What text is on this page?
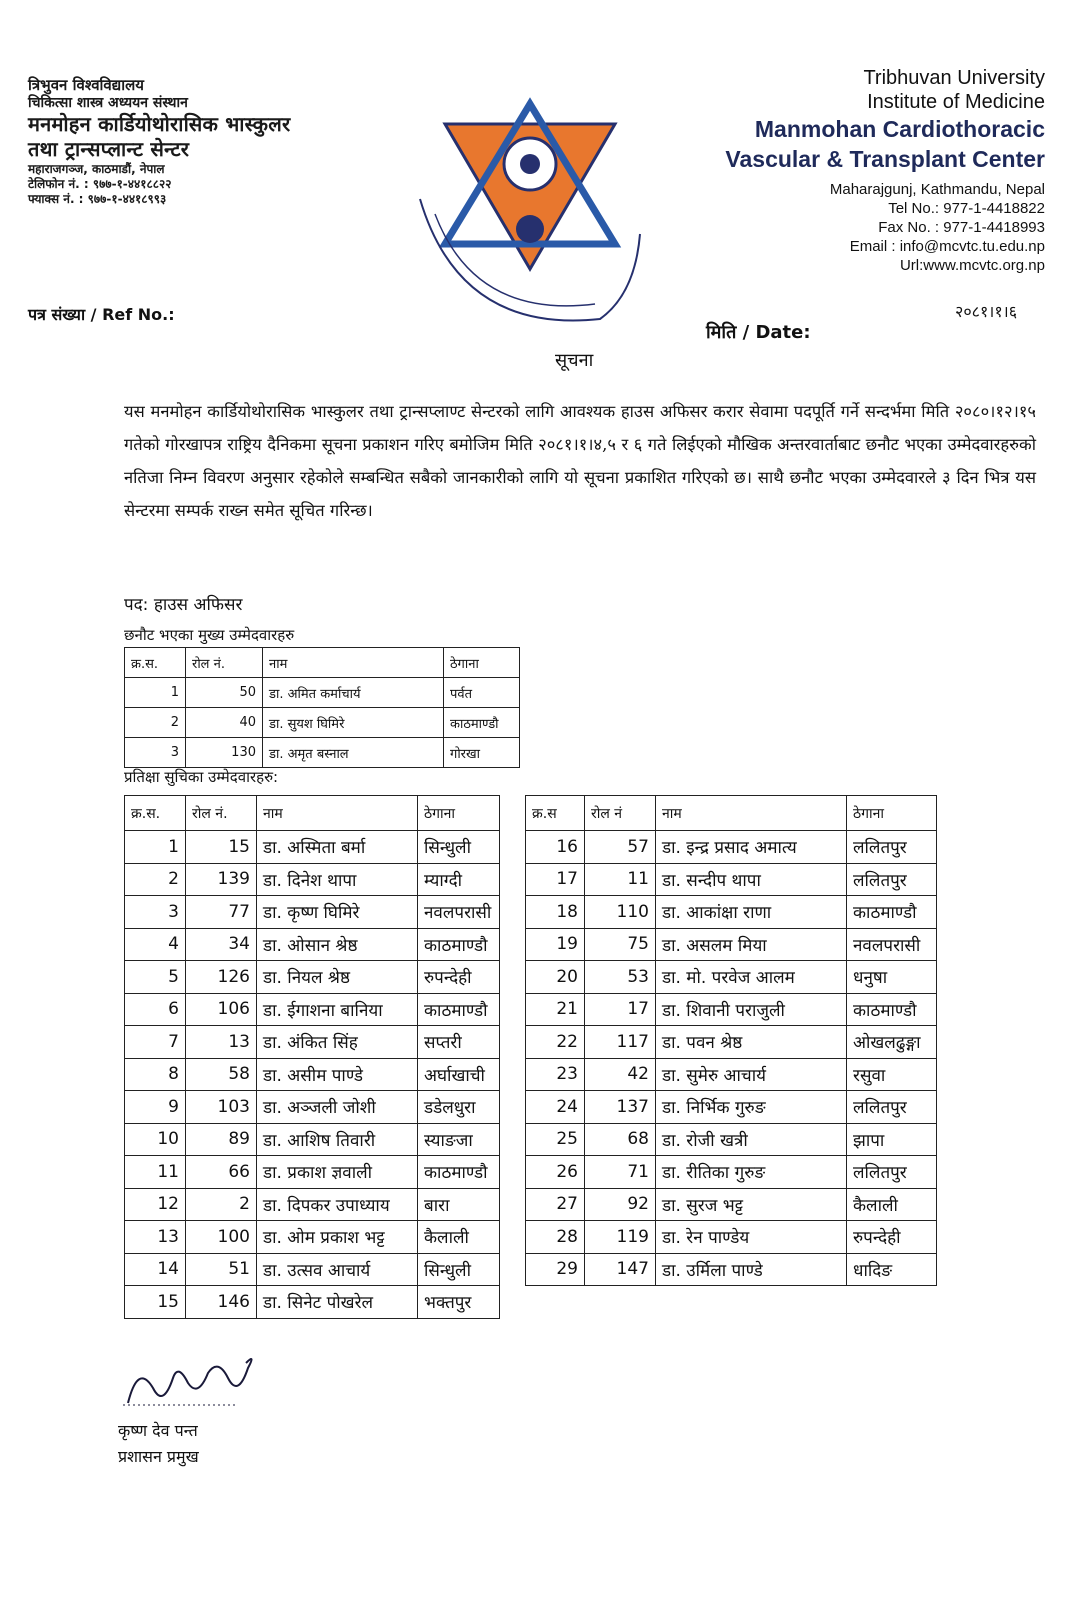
त्रिभुवन विश्वविद्यालय
चिकित्सा शास्त्र अध्ययन संस्थान
मनमोहन कार्डियोथोरासिक भास्कुलर
तथा ट्रान्सप्लान्ट सेन्टर
महाराजगञ्ज, काठमाडौं, नेपाल
टेलिफोन नं. : ९७७-१-४४१८८२२
फ्याक्स नं. : ९७७-१-४४१८९९३
Tribhuvan University
Institute of Medicine
Manmohan Cardiothoracic
Vascular & Transplant Center
Maharajgunj, Kathmandu, Nepal
Tel No.: 977-1-4418822
Fax No. : 977-1-4418993
Email : info@mcvtc.tu.edu.np
Url:www.mcvtc.org.np
पत्र संख्या / Ref No.:	२०८१।१।६
मिति / Date:
सूचना
यस मनमोहन कार्डियोथोरासिक भास्कुलर तथा ट्रान्सप्लाण्ट सेन्टरको लागि आवश्यक हाउस अफिसर करार सेवामा पदपूर्ति गर्ने सन्दर्भमा मिति २०८०।१२।१५ गतेको गोरखापत्र राष्ट्रिय दैनिकमा सूचना प्रकाशन गरिए बमोजिम मिति २०८१।१।४,५ र ६ गते लिईएको मौखिक अन्तरवार्ताबाट छनौट भएका उम्मेदवारहरुको नतिजा निम्न विवरण अनुसार रहेकोले सम्बन्धित सबैको जानकारीको लागि यो सूचना प्रकाशित गरिएको छ। साथै छनौट भएका उम्मेदवारले ३ दिन भित्र यस सेन्टरमा सम्पर्क राख्न समेत सूचित गरिन्छ।
पद: हाउस अफिसर
छनौट भएका मुख्य उम्मेदवारहरु
क्र.स.	रोल नं.	नाम	ठेगाना
1	50	डा. अमित कर्माचार्य	पर्वत
2	40	डा. सुयश घिमिरे	काठमाण्डौ
3	130	डा. अमृत बस्नाल	गोरखा
प्रतिक्षा सुचिका उम्मेदवारहरु:
क्र.स.	रोल नं.	नाम	ठेगाना
1	15	डा. अस्मिता बर्मा	सिन्धुली
2	139	डा. दिनेश थापा	म्याग्दी
3	77	डा. कृष्ण घिमिरे	नवलपरासी
4	34	डा. ओसान श्रेष्ठ	काठमाण्डौ
5	126	डा. नियल श्रेष्ठ	रुपन्देही
6	106	डा. ईगाशना बानिया	काठमाण्डौ
7	13	डा. अंकित सिंह	सप्तरी
8	58	डा. असीम पाण्डे	अर्घाखाची
9	103	डा. अञ्जली जोशी	डडेलधुरा
10	89	डा. आशिष तिवारी	स्याङजा
11	66	डा. प्रकाश ज्ञवाली	काठमाण्डौ
12	2	डा. दिपकर उपाध्याय	बारा
13	100	डा. ओम प्रकाश भट्ट	कैलाली
14	51	डा. उत्सव आचार्य	सिन्धुली
15	146	डा. सिनेट पोखरेल	भक्तपुर
क्र.स	रोल नं	नाम	ठेगाना
16	57	डा. इन्द्र प्रसाद अमात्य	ललितपुर
17	11	डा. सन्दीप थापा	ललितपुर
18	110	डा. आकांक्षा राणा	काठमाण्डौ
19	75	डा. असलम मिया	नवलपरासी
20	53	डा. मो. परवेज आलम	धनुषा
21	17	डा. शिवानी पराजुली	काठमाण्डौ
22	117	डा. पवन श्रेष्ठ	ओखलढुङ्गा
23	42	डा. सुमेरु आचार्य	रसुवा
24	137	डा. निर्भिक गुरुङ	ललितपुर
25	68	डा. रोजी खत्री	झापा
26	71	डा. रीतिका गुरुङ	ललितपुर
27	92	डा. सुरज भट्ट	कैलाली
28	119	डा. रेन पाण्डेय	रुपन्देही
29	147	डा. उर्मिला पाण्डे	धादिङ
कृष्ण देव पन्त
प्रशासन प्रमुख
